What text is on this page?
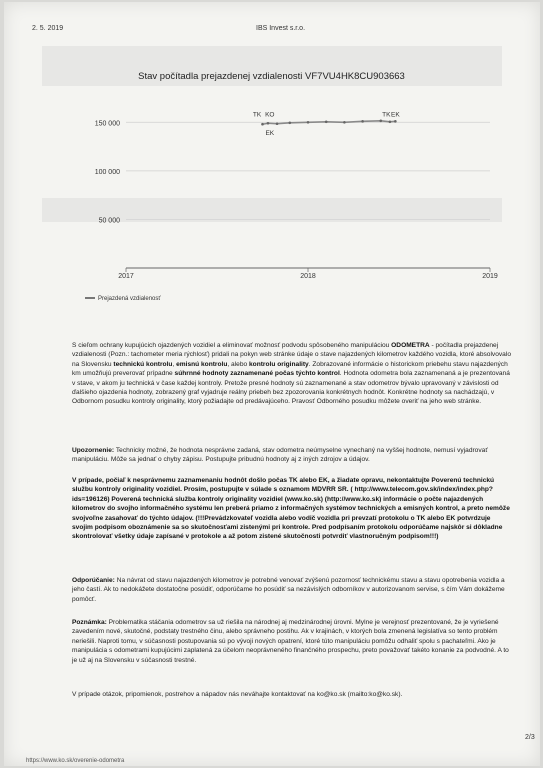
2. 5. 2019	IBS Invest s.r.o.
Stav počítadla prejazdenej vzdialenosti VF7VU4HK8CU903663
150 000
100 000
50 000
2017	2018	2019
TK KO
EK
TK EK
Prejazdená vzdialenosť

S cieľom ochrany kupujúcich ojazdených vozidiel a eliminovať možnosť podvodu spôsobeného manipuláciou ODOMETRA - počítadla prejazdenej vzdialenosti (Pozn.: tachometer meria rýchlosť) pridali na pokyn web stránke údaje o stave najazdených kilometrov každého vozidla, ktoré absolvovalo na Slovensku technickú kontrolu, emisnú kontrolu, alebo kontrolu originality. Zobrazované informácie o historickom priebehu stavu najazdených km umožňujú preverovať prípadne súhrnné hodnoty zaznamenané počas týchto kontrol. Hodnota odometra bola zaznamenaná a je prezentovaná v stave, v akom ju technická v čase každej kontroly. Pretože presné hodnoty sú zaznamenané a stav odometrov bývalo upravovaný v závislosti od ďalšieho ojazdenia hodnoty, zobrazený graf vyjadruje reálny priebeh bez zpozorovania konkrétnych hodnôt. Konkrétne hodnoty sa nachádzajú, v Odbornom posudku kontroly originality, ktorý požiadajte od predávajúceho. Pravosť Odborného posudku môžete overiť na jeho web stránke.

Upozornenie: Technicky možné, že hodnota nesprávne zadaná, stav odometra neúmyselne vynechaný na vyššej hodnote, nemusí vyjadrovať manipuláciu. Môže sa jednať o chyby zápisu. Postupujte pribudnú hodnoty aj z iných zdrojov a údajov.

V prípade, počiaľ k nesprávnemu zaznamenaniu hodnôt došlo počas TK alebo EK, a žiadate opravu, nekontaktujte Poverenú technickú službu kontroly originality vozidiel. Prosím, postupujte v súlade s oznamom MDVRR SR. ( http://www.telecom.gov.sk/index/index.php?ids=196126) Poverená technická služba kontroly originality vozidiel (www.ko.sk) (http://www.ko.sk) informácie o počte najazdených kilometrov do svojho informačného systému len preberá priamo z informačných systémov technických a emisných kontrol, a preto nemôže svojvoľne zasahovať do týchto údajov. (!!!Prevádzkovateľ vozidla alebo vodič vozidla pri prevzatí protokolu o TK alebo EK potvrdzuje svojim podpisom oboznámenie sa so skutočnosťami zistenými pri kontrole. Pred podpísaním protokolu odporúčame najskôr si dôkladne skontrolovať všetky údaje zapísané v protokole a až potom zistené skutočnosti potvrdiť vlastnoručným podpisom!!!)

Odporúčanie: Na návrat od stavu najazdených kilometrov je potrebné venovať zvýšenú pozornosť technickému stavu a stavu opotrebenia vozidla a jeho častí. Ak to nedokážete dostatočne posúdiť, odporúčame ho posúdiť sa nezávislých odborníkov v autorizovanom servise, s čím Vám dokážeme pomôcť.

Poznámka: Problematika stáčania odometrov sa už riešila na národnej aj medzinárodnej úrovni. Mylne je verejnosť prezentované, že je vyriešené zavedením nové, skutočné, podstaty trestného činu, alebo správneho postihu. Ak v krajinách, v ktorých bola zmenená legislatíva so tento problém neriešili. Naproti tomu, v súčasnosti postupovania sú po vývoji nových opatrení, ktoré túto manipuláciu pomôžu odhaliť spolu s pachateľmi. Ako je manipulácia s odometrami kupujúcimi zaplatená za účelom neoprávneného finančného prospechu, preto považovať takéto konanie za podvodné. A to je už aj na Slovensku v súčasnosti trestné.

V prípade otázok, pripomienok, postrehov a nápadov nás neváhajte kontaktovať na ko@ko.sk (mailto:ko@ko.sk).

2/3
https://www.ko.sk/overenie-odometra
